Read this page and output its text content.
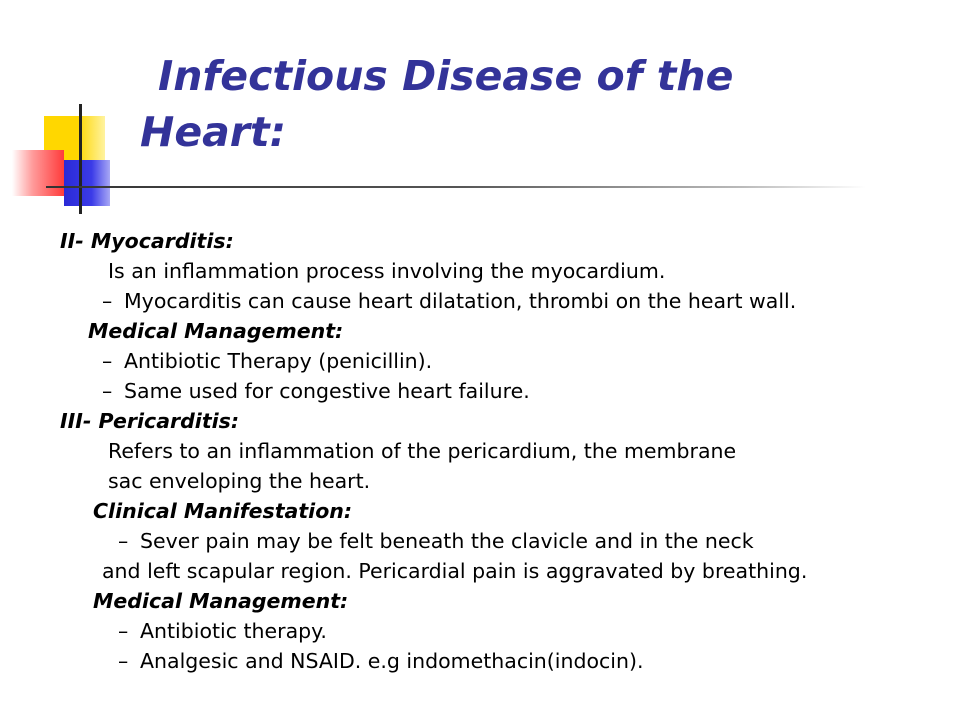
Infectious Disease of the
Heart:
II- Myocarditis:
Is an inflammation process involving the myocardium.
– Myocarditis can cause heart dilatation, thrombi on the heart wall.
Medical Management:
– Antibiotic Therapy (penicillin).
– Same used for congestive heart failure.
III- Pericarditis:
Refers to an inflammation of the pericardium, the membrane
sac enveloping the heart.
Clinical Manifestation:
– Sever pain may be felt beneath the clavicle and in the neck
and left scapular region. Pericardial pain is aggravated by breathing.
Medical Management:
– Antibiotic therapy.
– Analgesic and NSAID. e.g indomethacin(indocin).
